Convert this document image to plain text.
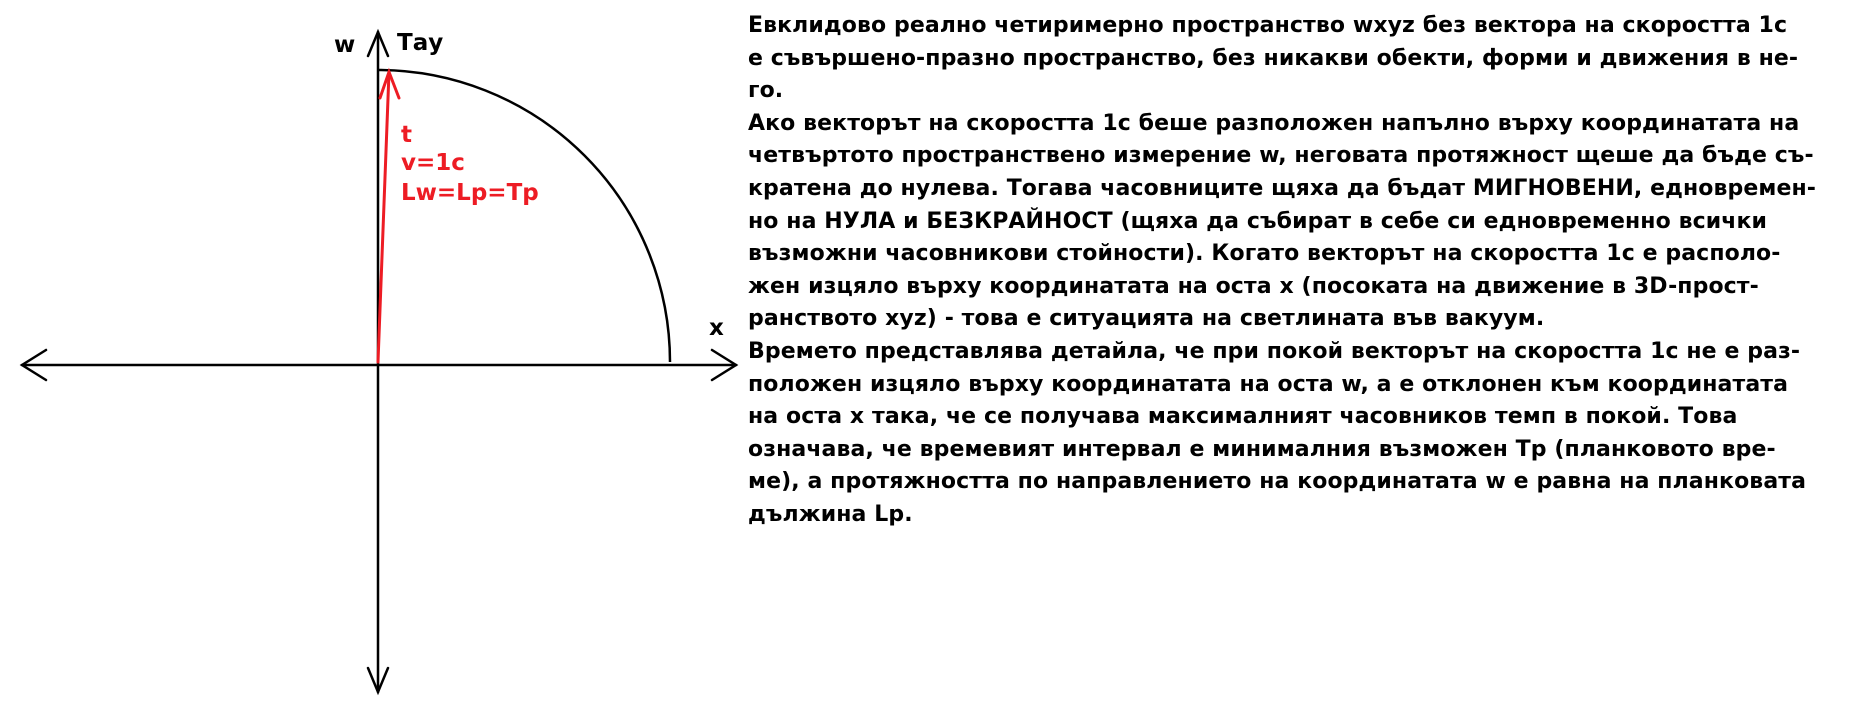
w Тау
x
t
v=1c
Lw=Lp=Tp
Евклидово реално четиримерно пространство wxyz без вектора на скоростта 1с
е съвършено-празно пространство, без никакви обекти, форми и движения в не-
го.
Ако векторът на скоростта 1с беше разположен напълно върху координатата на
четвъртото пространствено измерение w, неговата протяжност щеше да бъде съ-
кратена до нулева. Тогава часовниците щяха да бъдат МИГНОВЕНИ, едновремен-
но на НУЛА и БЕЗКРАЙНОСТ (щяха да събират в себе си едновременно всички
възможни часовникови стойности). Когато векторът на скоростта 1с е располо-
жен изцяло върху координатата на оста x (посоката на движение в 3D-прост-
ранството xyz) - това е ситуацията на светлината във вакуум.
Времето представлява детайла, че при покой векторът на скоростта 1с не е раз-
положен изцяло върху координатата на оста w, а е отклонен към координатата
на оста x така, че се получава максималният часовников темп в покой. Това
означава, че времевият интервал е минималния възможен Tp (планковото вре-
ме), а протяжността по направлението на координатата w е равна на планковата
дължина Lp.
